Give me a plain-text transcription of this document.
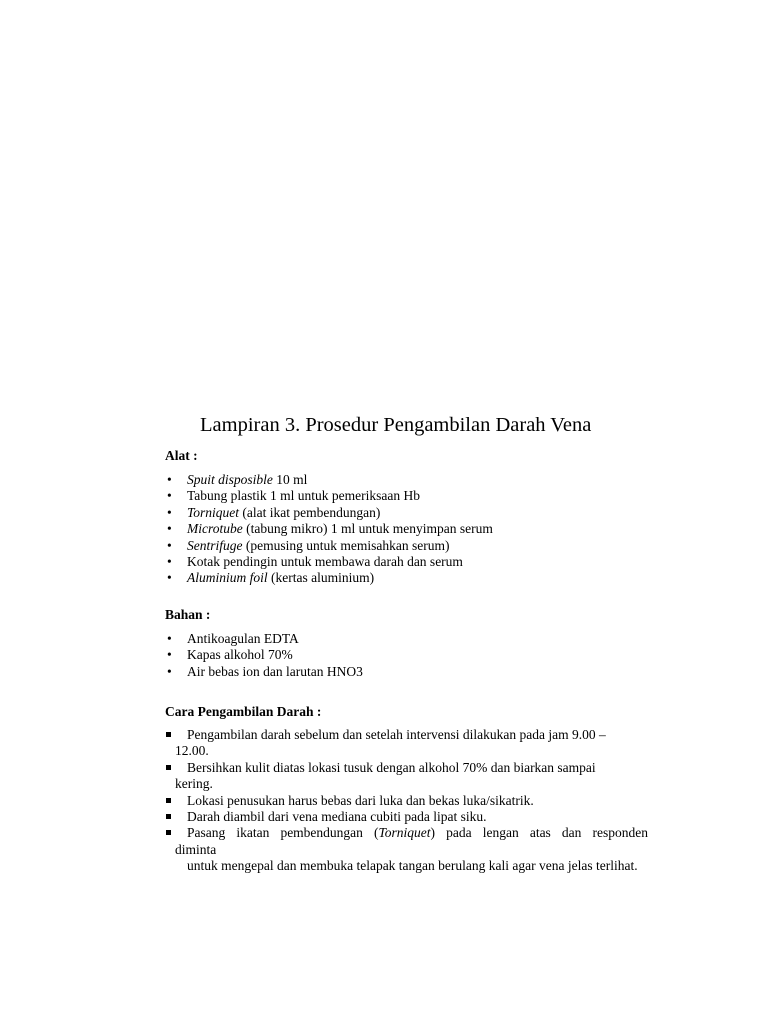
Lampiran 3. Prosedur Pengambilan Darah Vena
Alat :
• Spuit disposible 10 ml
• Tabung plastik 1 ml untuk pemeriksaan Hb
• Torniquet (alat ikat pembendungan)
• Microtube (tabung mikro) 1 ml untuk menyimpan serum
• Sentrifuge (pemusing untuk memisahkan serum)
• Kotak pendingin untuk membawa darah dan serum
• Aluminium foil (kertas aluminium)
Bahan :
• Antikoagulan EDTA
• Kapas alkohol 70%
• Air bebas ion dan larutan HNO3
Cara Pengambilan Darah :
Pengambilan darah sebelum dan setelah intervensi dilakukan pada jam 9.00 –

12.00.
Bersihkan kulit diatas lokasi tusuk dengan alkohol 70% dan biarkan sampai

kering.
Lokasi penusukan harus bebas dari luka dan bekas luka/sikatrik.
Darah diambil dari vena mediana cubiti pada lipat siku.
Pasang ikatan pembendungan (Torniquet) pada lengan atas dan responden
diminta
untuk mengepal dan membuka telapak tangan berulang kali agar vena jelas terlihat.
